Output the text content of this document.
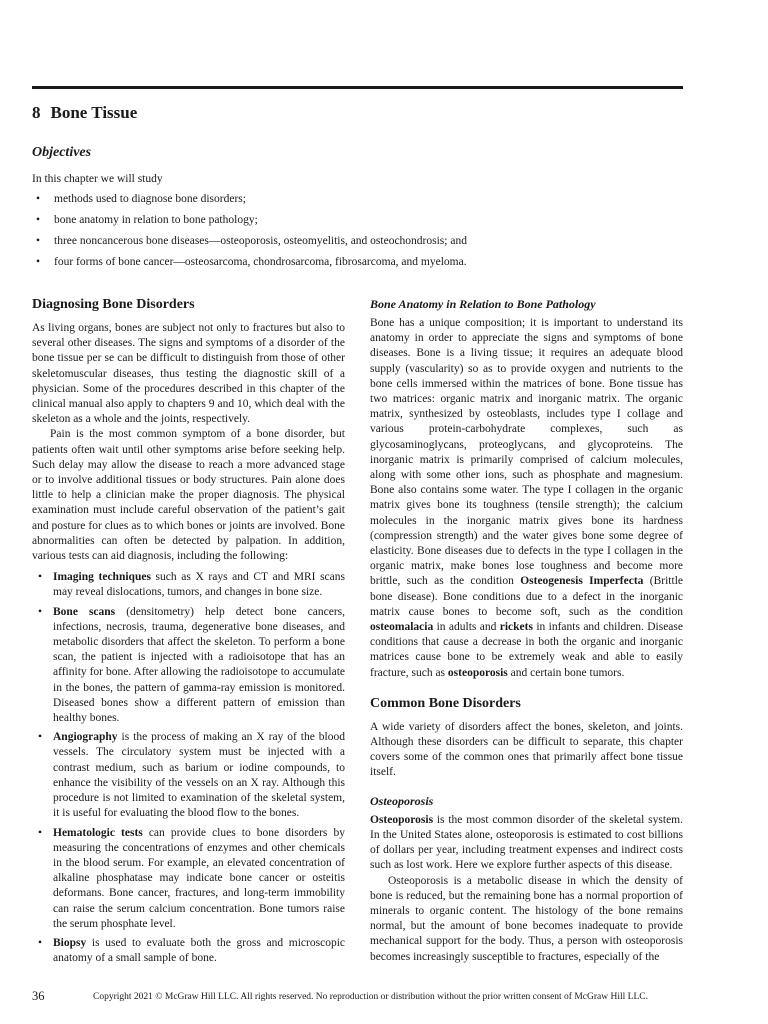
8 Bone Tissue
Objectives
In this chapter we will study
• methods used to diagnose bone disorders;
• bone anatomy in relation to bone pathology;
• three noncancerous bone diseases—osteoporosis, osteomyelitis, and osteochondrosis; and
• four forms of bone cancer—osteosarcoma, chondrosarcoma, fibrosarcoma, and myeloma.
Diagnosing Bone Disorders

As living organs, bones are subject not only to fractures but also to several other diseases. The signs and symptoms of a disorder of the bone tissue per se can be difficult to distinguish from those of other skeletomuscular diseases, thus testing the diagnostic skill of a physician. Some of the procedures described in this chapter of the clinical manual also apply to chapters 9 and 10, which deal with the skeleton as a whole and the joints, respectively.

Pain is the most common symptom of a bone disorder, but patients often wait until other symptoms arise before seeking help. Such delay may allow the disease to reach a more advanced stage or to involve additional tissues or body structures. Pain alone does little to help a clinician make the proper diagnosis. The physical examination must include careful observation of the patient’s gait and posture for clues as to which bones or joints are involved. Bone abnormalities can often be detected by palpation. In addition, various tests can aid diagnosis, including the following:

• Imaging techniques such as X rays and CT and MRI scans may reveal dislocations, tumors, and changes in bone size.
• Bone scans (densitometry) help detect bone cancers, infections, necrosis, trauma, degenerative bone diseases, and metabolic disorders that affect the skeleton. To perform a bone scan, the patient is injected with a radioisotope that has an affinity for bone. After allowing the radioisotope to accumulate in the bones, the pattern of gamma-ray emission is monitored. Diseased bones show a different pattern of emission than healthy bones.
• Angiography is the process of making an X ray of the blood vessels. The circulatory system must be injected with a contrast medium, such as barium or iodine compounds, to enhance the visibility of the vessels on an X ray. Although this procedure is not limited to examination of the skeletal system, it is useful for evaluating the blood flow to the bones.
• Hematologic tests can provide clues to bone disorders by measuring the concentrations of enzymes and other chemicals in the blood serum. For example, an elevated concentration of alkaline phosphatase may indicate bone cancer or osteitis deformans. Bone cancer, fractures, and long-term immobility can raise the serum calcium concentration. Bone tumors raise the serum phosphate level.
• Biopsy is used to evaluate both the gross and microscopic anatomy of a small sample of bone.
Bone Anatomy in Relation to Bone Pathology

Bone has a unique composition; it is important to understand its anatomy in order to appreciate the signs and symptoms of bone diseases. Bone is a living tissue; it requires an adequate blood supply (vascularity) so as to provide oxygen and nutrients to the bone cells immersed within the matrices of bone. Bone tissue has two matrices: organic matrix and inorganic matrix. The organic matrix, synthesized by osteoblasts, includes type I collage and various protein-carbohydrate complexes, such as glycosaminoglycans, proteoglycans, and glycoproteins. The inorganic matrix is primarily comprised of calcium molecules, along with some other ions, such as phosphate and magnesium. Bone also contains some water. The type I collagen in the organic matrix gives bone its toughness (tensile strength); the calcium molecules in the inorganic matrix gives bone its hardness (compression strength) and the water gives bone some degree of elasticity. Bone diseases due to defects in the type I collagen in the organic matrix, make bones lose toughness and become more brittle, such as the condition Osteogenesis Imperfecta (Brittle bone disease). Bone conditions due to a defect in the inorganic matrix cause bones to become soft, such as the condition osteomalacia in adults and rickets in infants and children. Disease conditions that cause a decrease in both the organic and inorganic matrices cause bone to be extremely weak and able to easily fracture, such as osteoporosis and certain bone tumors.

Common Bone Disorders

A wide variety of disorders affect the bones, skeleton, and joints. Although these disorders can be difficult to separate, this chapter covers some of the common ones that primarily affect bone tissue itself.

Osteoporosis

Osteoporosis is the most common disorder of the skeletal system. In the United States alone, osteoporosis is estimated to cost billions of dollars per year, including treatment expenses and indirect costs such as lost work. Here we explore further aspects of this disease.

Osteoporosis is a metabolic disease in which the density of bone is reduced, but the remaining bone has a normal proportion of minerals to organic content. The histology of the bone remains normal, but the amount of bone becomes inadequate to provide mechanical support for the body. Thus, a person with osteoporosis becomes increasingly susceptible to fractures, especially of the

36	Copyright 2021 © McGraw Hill LLC. All rights reserved. No reproduction or distribution without the prior written consent of McGraw Hill LLC.
